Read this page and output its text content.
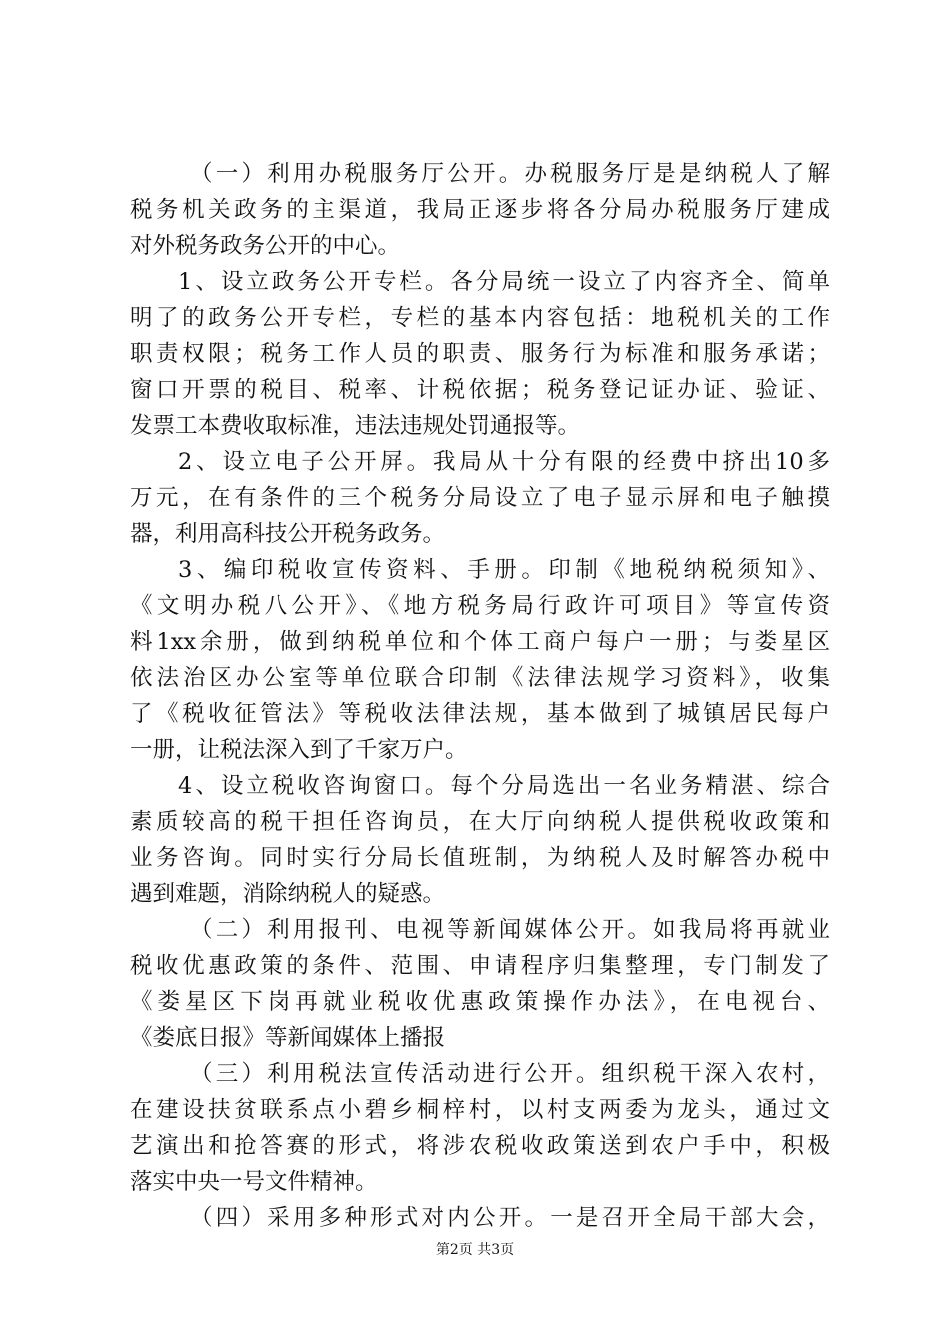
（一）利用办税服务厅公开。办税服务厅是是纳税人了解
税务机关政务的主渠道，我局正逐步将各分局办税服务厅建成
对外税务政务公开的中心。
1、设立政务公开专栏。各分局统一设立了内容齐全、简单
明了的政务公开专栏，专栏的基本内容包括：地税机关的工作
职责权限；税务工作人员的职责、服务行为标准和服务承诺；
窗口开票的税目、税率、计税依据；税务登记证办证、验证、
发票工本费收取标准，违法违规处罚通报等。
2、设立电子公开屏。我局从十分有限的经费中挤出10多
万元，在有条件的三个税务分局设立了电子显示屏和电子触摸
器，利用高科技公开税务政务。
3、编印税收宣传资料、手册。印制《地税纳税须知》、
《文明办税八公开》、《地方税务局行政许可项目》等宣传资
料1xx余册，做到纳税单位和个体工商户每户一册；与娄星区
依法治区办公室等单位联合印制《法律法规学习资料》，收集
了《税收征管法》等税收法律法规，基本做到了城镇居民每户
一册，让税法深入到了千家万户。
4、设立税收咨询窗口。每个分局选出一名业务精湛、综合
素质较高的税干担任咨询员，在大厅向纳税人提供税收政策和
业务咨询。同时实行分局长值班制，为纳税人及时解答办税中
遇到难题，消除纳税人的疑惑。
（二）利用报刊、电视等新闻媒体公开。如我局将再就业
税收优惠政策的条件、范围、申请程序归集整理，专门制发了
《娄星区下岗再就业税收优惠政策操作办法》，在电视台、
《娄底日报》等新闻媒体上播报
（三）利用税法宣传活动进行公开。组织税干深入农村，
在建设扶贫联系点小碧乡桐梓村，以村支两委为龙头，通过文
艺演出和抢答赛的形式，将涉农税收政策送到农户手中，积极
落实中央一号文件精神。
（四）采用多种形式对内公开。一是召开全局干部大会，
第2页 共3页
